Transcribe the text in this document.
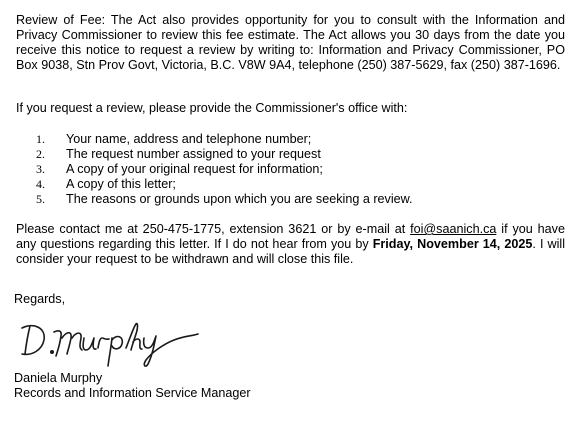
Review of Fee: The Act also provides opportunity for you to consult with the Information and Privacy Commissioner to review this fee estimate. The Act allows you 30 days from the date you receive this notice to request a review by writing to: Information and Privacy Commissioner, PO Box 9038, Stn Prov Govt, Victoria, B.C. V8W 9A4, telephone (250) 387-5629, fax (250) 387-1696.

If you request a review, please provide the Commissioner's office with:

1. Your name, address and telephone number;
2. The request number assigned to your request
3. A copy of your original request for information;
4. A copy of this letter;
5. The reasons or grounds upon which you are seeking a review.

Please contact me at 250-475-1775, extension 3621 or by e-mail at foi@saanich.ca if you have any questions regarding this letter. If I do not hear from you by Friday, November 14, 2025. I will consider your request to be withdrawn and will close this file.

Regards,
Daniela Murphy
Records and Information Service Manager
